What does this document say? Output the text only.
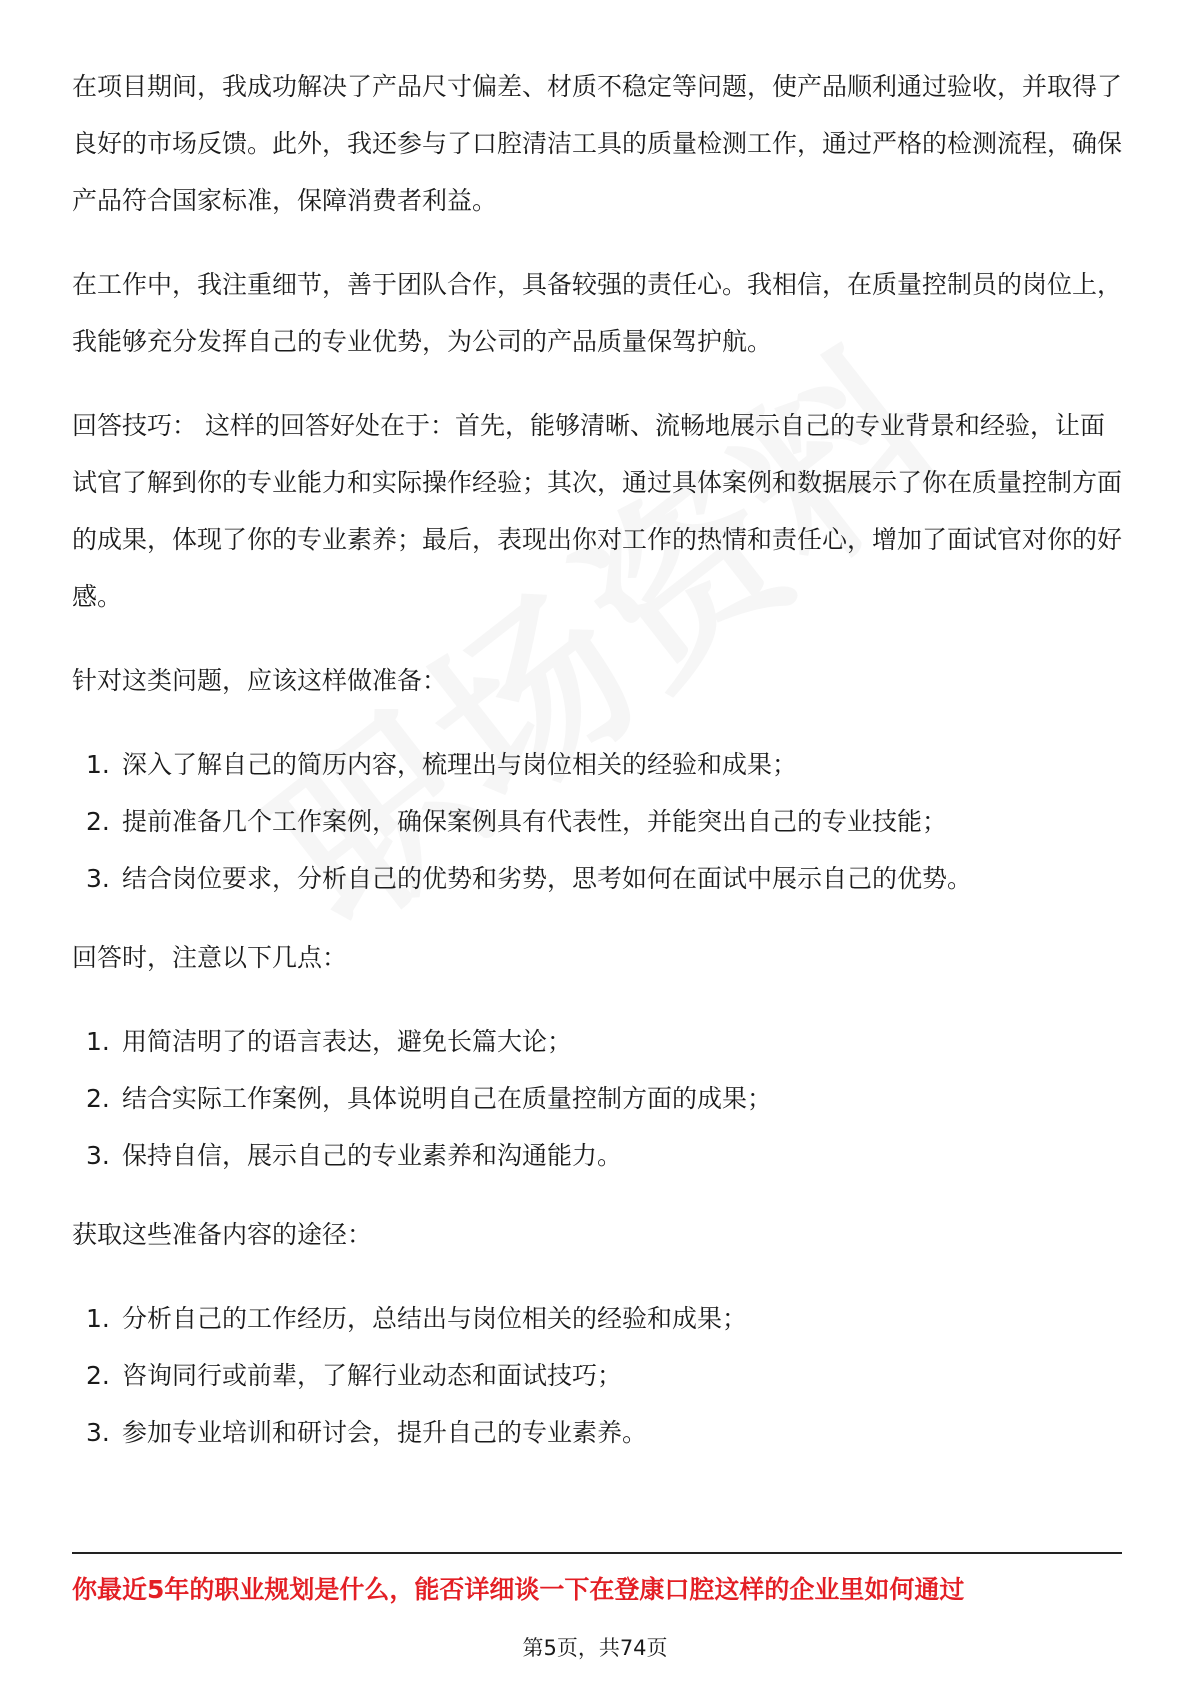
在项目期间，我成功解决了产品尺寸偏差、材质不稳定等问题，使产品顺利通过验收，并取得了良好的市场反馈。此外，我还参与了口腔清洁工具的质量检测工作，通过严格的检测流程，确保产品符合国家标准，保障消费者利益。

在工作中，我注重细节，善于团队合作，具备较强的责任心。我相信，在质量控制员的岗位上，我能够充分发挥自己的专业优势，为公司的产品质量保驾护航。

回答技巧： 这样的回答好处在于：首先，能够清晰、流畅地展示自己的专业背景和经验，让面试官了解到你的专业能力和实际操作经验；其次，通过具体案例和数据展示了你在质量控制方面的成果，体现了你的专业素养；最后，表现出你对工作的热情和责任心，增加了面试官对你的好感。

针对这类问题，应该这样做准备：

1. 深入了解自己的简历内容，梳理出与岗位相关的经验和成果；
2. 提前准备几个工作案例，确保案例具有代表性，并能突出自己的专业技能；
3. 结合岗位要求，分析自己的优势和劣势，思考如何在面试中展示自己的优势。

回答时，注意以下几点：

1. 用简洁明了的语言表达，避免长篇大论；
2. 结合实际工作案例，具体说明自己在质量控制方面的成果；
3. 保持自信，展示自己的专业素养和沟通能力。

获取这些准备内容的途径：

1. 分析自己的工作经历，总结出与岗位相关的经验和成果；
2. 咨询同行或前辈，了解行业动态和面试技巧；
3. 参加专业培训和研讨会，提升自己的专业素养。
你最近5年的职业规划是什么，能否详细谈一下在登康口腔这样的企业里如何通过
第5页，共74页
